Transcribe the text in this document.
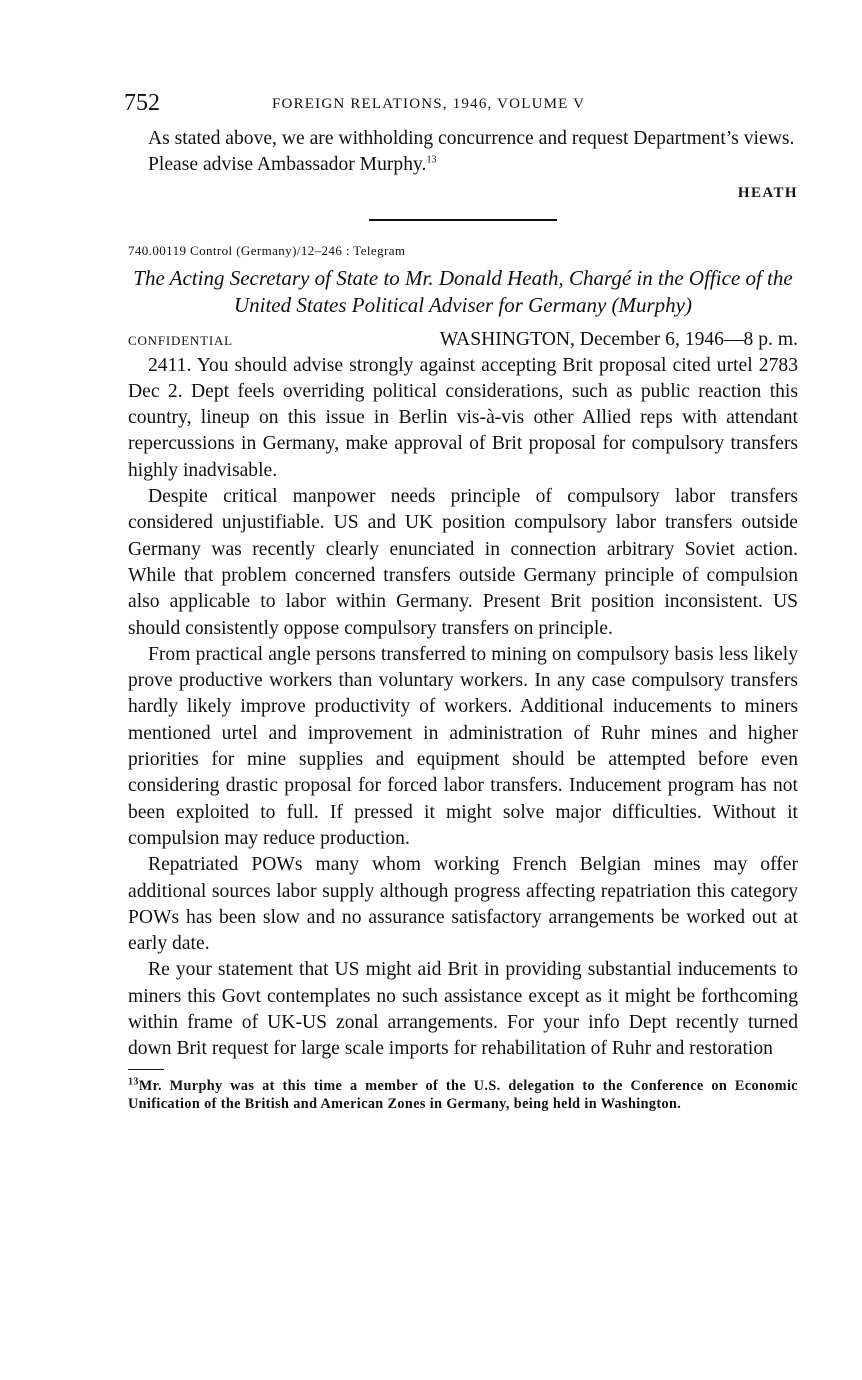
752	FOREIGN RELATIONS, 1946, VOLUME V

As stated above, we are withholding concurrence and request Department’s views.

Please advise Ambassador Murphy.$^{13}$

HEATH
740.00119 Control (Germany)/12–246 : Telegram

The Acting Secretary of State to Mr. Donald Heath, Chargé in the Office of the United States Political Adviser for Germany (Murphy)

CONFIDENTIAL	WASHINGTON, December 6, 1946—8 p. m.

2411. You should advise strongly against accepting Brit proposal cited urtel 2783 Dec 2. Dept feels overriding political considerations, such as public reaction this country, lineup on this issue in Berlin vis-à-vis other Allied reps with attendant repercussions in Germany, make approval of Brit proposal for compulsory transfers highly inadvisable.

Despite critical manpower needs principle of compulsory labor transfers considered unjustifiable. US and UK position compulsory labor transfers outside Germany was recently clearly enunciated in connection arbitrary Soviet action. While that problem concerned transfers outside Germany principle of compulsion also applicable to labor within Germany. Present Brit position inconsistent. US should consistently oppose compulsory transfers on principle.

From practical angle persons transferred to mining on compulsory basis less likely prove productive workers than voluntary workers. In any case compulsory transfers hardly likely improve productivity of workers. Additional inducements to miners mentioned urtel and improvement in administration of Ruhr mines and higher priorities for mine supplies and equipment should be attempted before even considering drastic proposal for forced labor transfers. Inducement program has not been exploited to full. If pressed it might solve major difficulties. Without it compulsion may reduce production.

Repatriated POWs many whom working French Belgian mines may offer additional sources labor supply although progress affecting repatriation this category POWs has been slow and no assurance satisfactory arrangements be worked out at early date.

Re your statement that US might aid Brit in providing substantial inducements to miners this Govt contemplates no such assistance except as it might be forthcoming within frame of UK-US zonal arrangements. For your info Dept recently turned down Brit request for large scale imports for rehabilitation of Ruhr and restoration

$^{13}$Mr. Murphy was at this time a member of the U.S. delegation to the Conference on Economic Unification of the British and American Zones in Germany, being held in Washington.
